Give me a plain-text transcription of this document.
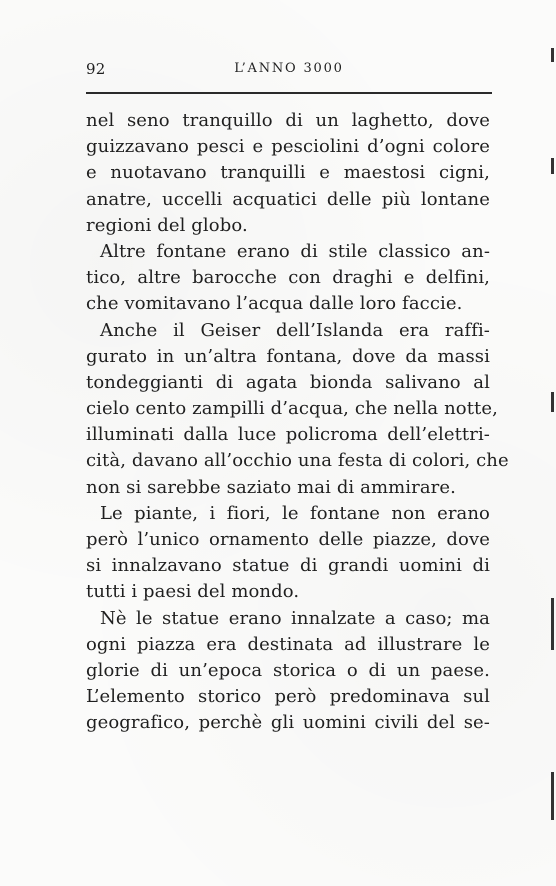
92	L’ANNO 3000
nel seno tranquillo di un laghetto, dove
guizzavano pesci e pesciolini d’ogni colore
e nuotavano tranquilli e maestosi cigni,
anatre, uccelli acquatici delle più lontane
regioni del globo.
Altre fontane erano di stile classico an-
tico, altre barocche con draghi e delfini,
che vomitavano l’acqua dalle loro faccie.
Anche il Geiser dell’Islanda era raffi-
gurato in un’altra fontana, dove da massi
tondeggianti di agata bionda salivano al
cielo cento zampilli d’acqua, che nella notte,
illuminati dalla luce policroma dell’elettri-
cità, davano all’occhio una festa di colori, che
non si sarebbe saziato mai di ammirare.
Le piante, i fiori, le fontane non erano
però l’unico ornamento delle piazze, dove
si innalzavano statue di grandi uomini di
tutti i paesi del mondo.
Nè le statue erano innalzate a caso; ma
ogni piazza era destinata ad illustrare le
glorie di un’epoca storica o di un paese.
L’elemento storico però predominava sul
geografico, perchè gli uomini civili del se-
